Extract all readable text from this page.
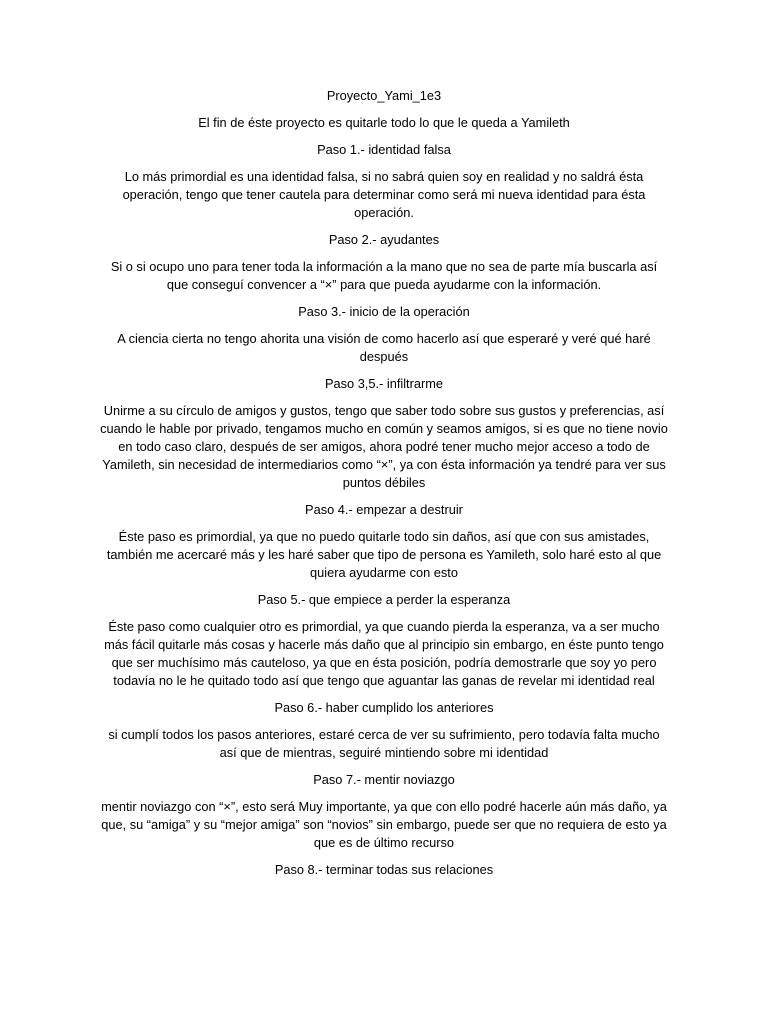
Proyecto_Yami_1e3

El fin de éste proyecto es quitarle todo lo que le queda a Yamileth

Paso 1.- identidad falsa

Lo más primordial es una identidad falsa, si no sabrá quien soy en realidad y no saldrá ésta operación, tengo que tener cautela para determinar como será mi nueva identidad para ésta operación.

Paso 2.- ayudantes

Si o si ocupo uno para tener toda la información a la mano que no sea de parte mía buscarla así que conseguí convencer a “×” para que pueda ayudarme con la información.

Paso 3.- inicio de la operación

A ciencia cierta no tengo ahorita una visión de como hacerlo así que esperaré y veré qué haré después

Paso 3,5.- infiltrarme

Unirme a su círculo de amigos y gustos, tengo que saber todo sobre sus gustos y preferencias, así cuando le hable por privado, tengamos mucho en común y seamos amigos, si es que no tiene novio en todo caso claro, después de ser amigos, ahora podré tener mucho mejor acceso a todo de Yamileth, sin necesidad de intermediarios como “×”, ya con ésta información ya tendré para ver sus puntos débiles

Paso 4.- empezar a destruir

Éste paso es primordial, ya que no puedo quitarle todo sin daños, así que con sus amistades, también me acercaré más y les haré saber que tipo de persona es Yamileth, solo haré esto al que quiera ayudarme con esto

Paso 5.- que empiece a perder la esperanza

Éste paso como cualquier otro es primordial, ya que cuando pierda la esperanza, va a ser mucho más fácil quitarle más cosas y hacerle más daño que al principio sin embargo, en éste punto tengo que ser muchísimo más cauteloso, ya que en ésta posición, podría demostrarle que soy yo pero todavía no le he quitado todo así que tengo que aguantar las ganas de revelar mi identidad real

Paso 6.- haber cumplido los anteriores

si cumplí todos los pasos anteriores, estaré cerca de ver su sufrimiento, pero todavía falta mucho así que de mientras, seguiré mintiendo sobre mi identidad

Paso 7.- mentir noviazgo

mentir noviazgo con “×”, esto será Muy importante, ya que con ello podré hacerle aún más daño, ya que, su “amiga” y su “mejor amiga” son “novios” sin embargo, puede ser que no requiera de esto ya que es de último recurso

Paso 8.- terminar todas sus relaciones
